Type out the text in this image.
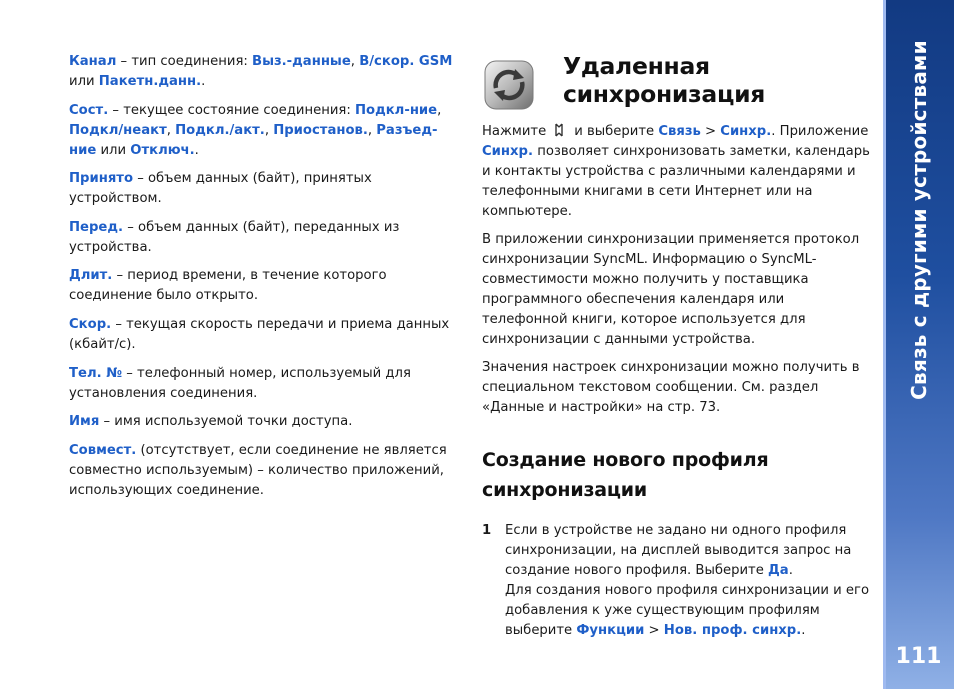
Канал – тип соединения: Выз.-данные, В/скор. GSM или Пакетн.данн..

Сост. – текущее состояние соединения: Подкл-ние, Подкл/неакт, Подкл./акт., Приостанов., Разъед-ние или Отключ..

Принято – объем данных (байт), принятых устройством.

Перед. – объем данных (байт), переданных из устройства.

Длит. – период времени, в течение которого соединение было открыто.

Скор. – текущая скорость передачи и приема данных (кбайт/с).

Тел. № – телефонный номер, используемый для установления соединения.

Имя – имя используемой точки доступа.

Совмест. (отсутствует, если соединение не является совместно используемым) – количество приложений, использующих соединение.

Удаленная
синхронизация

Нажмите и выберите Связь > Синхр.. Приложение Синхр. позволяет синхронизовать заметки, календарь и контакты устройства с различными календарями и телефонными книгами в сети Интернет или на компьютере.

В приложении синхронизации применяется протокол синхронизации SyncML. Информацию о SyncML-совместимости можно получить у поставщика программного обеспечения календаря или телефонной книги, которое используется для синхронизации с данными устройства.

Значения настроек синхронизации можно получить в специальном текстовом сообщении. См. раздел «Данные и настройки» на стр. 73.

Создание нового профиля
синхронизации
1 Если в устройстве не задано ни одного профиля синхронизации, на дисплей выводится запрос на создание нового профиля. Выберите Да.

Для создания нового профиля синхронизации и его добавления к уже существующим профилям выберите Функции > Нов. проф. синхр..

Связь с другими устройствами
111
